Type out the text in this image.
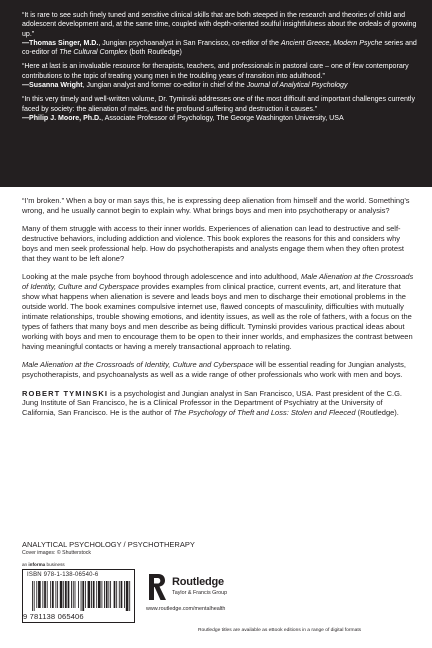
“It is rare to see such finely tuned and sensitive clinical skills that are both steeped in the research and theories of child and adolescent development and, at the same time, coupled with depth-oriented soulful insightfulness about the ordeals of growing up.”

—Thomas Singer, M.D., Jungian psychoanalyst in San Francisco, co-editor of the Ancient Greece, Modern Psyche series and co-editor of The Cultural Complex (both Routledge)

“Here at last is an invaluable resource for therapists, teachers, and professionals in pastoral care – one of few contemporary contributions to the topic of treating young men in the troubling years of transition into adulthood.”

—Susanna Wright, Jungian analyst and former co-editor in chief of the Journal of Analytical Psychology

“In this very timely and well-written volume, Dr. Tyminski addresses one of the most difficult and important challenges currently faced by society: the alienation of males, and the profound suffering and destruction it causes.”

—Philip J. Moore, Ph.D., Associate Professor of Psychology, The George Washington University, USA

“I’m broken.” When a boy or man says this, he is expressing deep alienation from himself and the world. Something’s wrong, and he usually cannot begin to explain why. What brings boys and men into psychotherapy or analysis?

Many of them struggle with access to their inner worlds. Experiences of alienation can lead to destructive and self-destructive behaviors, including addiction and violence. This book explores the reasons for this and considers why boys and men seek professional help. How do psychotherapists and analysts engage them when they often protest that they want to be left alone?

Looking at the male psyche from boyhood through adolescence and into adulthood, Male Alienation at the Crossroads of Identity, Culture and Cyberspace provides examples from clinical practice, current events, art, and literature that show what happens when alienation is severe and leads boys and men to discharge their emotional problems in the outside world. The book examines compulsive internet use, flawed concepts of masculinity, difficulties with mutually intimate relationships, trouble showing emotions, and identity issues, as well as the role of fathers, with a focus on the types of fathers that many boys and men describe as being difficult. Tyminski provides various practical ideas about working with boys and men to encourage them to be open to their inner worlds, and emphasizes the contrast between having meaningful contacts or having a merely transactional approach to relating.

Male Alienation at the Crossroads of Identity, Culture and Cyberspace will be essential reading for Jungian analysts, psychotherapists, and psychoanalysts as well as a wide range of other professionals who work with men and boys.

ROBERT TYMINSKI is a psychologist and Jungian analyst in San Francisco, USA. Past president of the C.G. Jung Institute of San Francisco, he is a Clinical Professor in the Department of Psychiatry at the University of California, San Francisco. He is the author of The Psychology of Theft and Loss: Stolen and Fleeced (Routledge).

ANALYTICAL PSYCHOLOGY / PSYCHOTHERAPY
Cover images: © Shutterstock
an informa business
ISBN 978-1-138-06540-6
9 781138 065406
Routledge
Taylor & Francis Group
www.routledge.com/mentalhealth
Routledge titles are available as eBook editions in a range of digital formats
